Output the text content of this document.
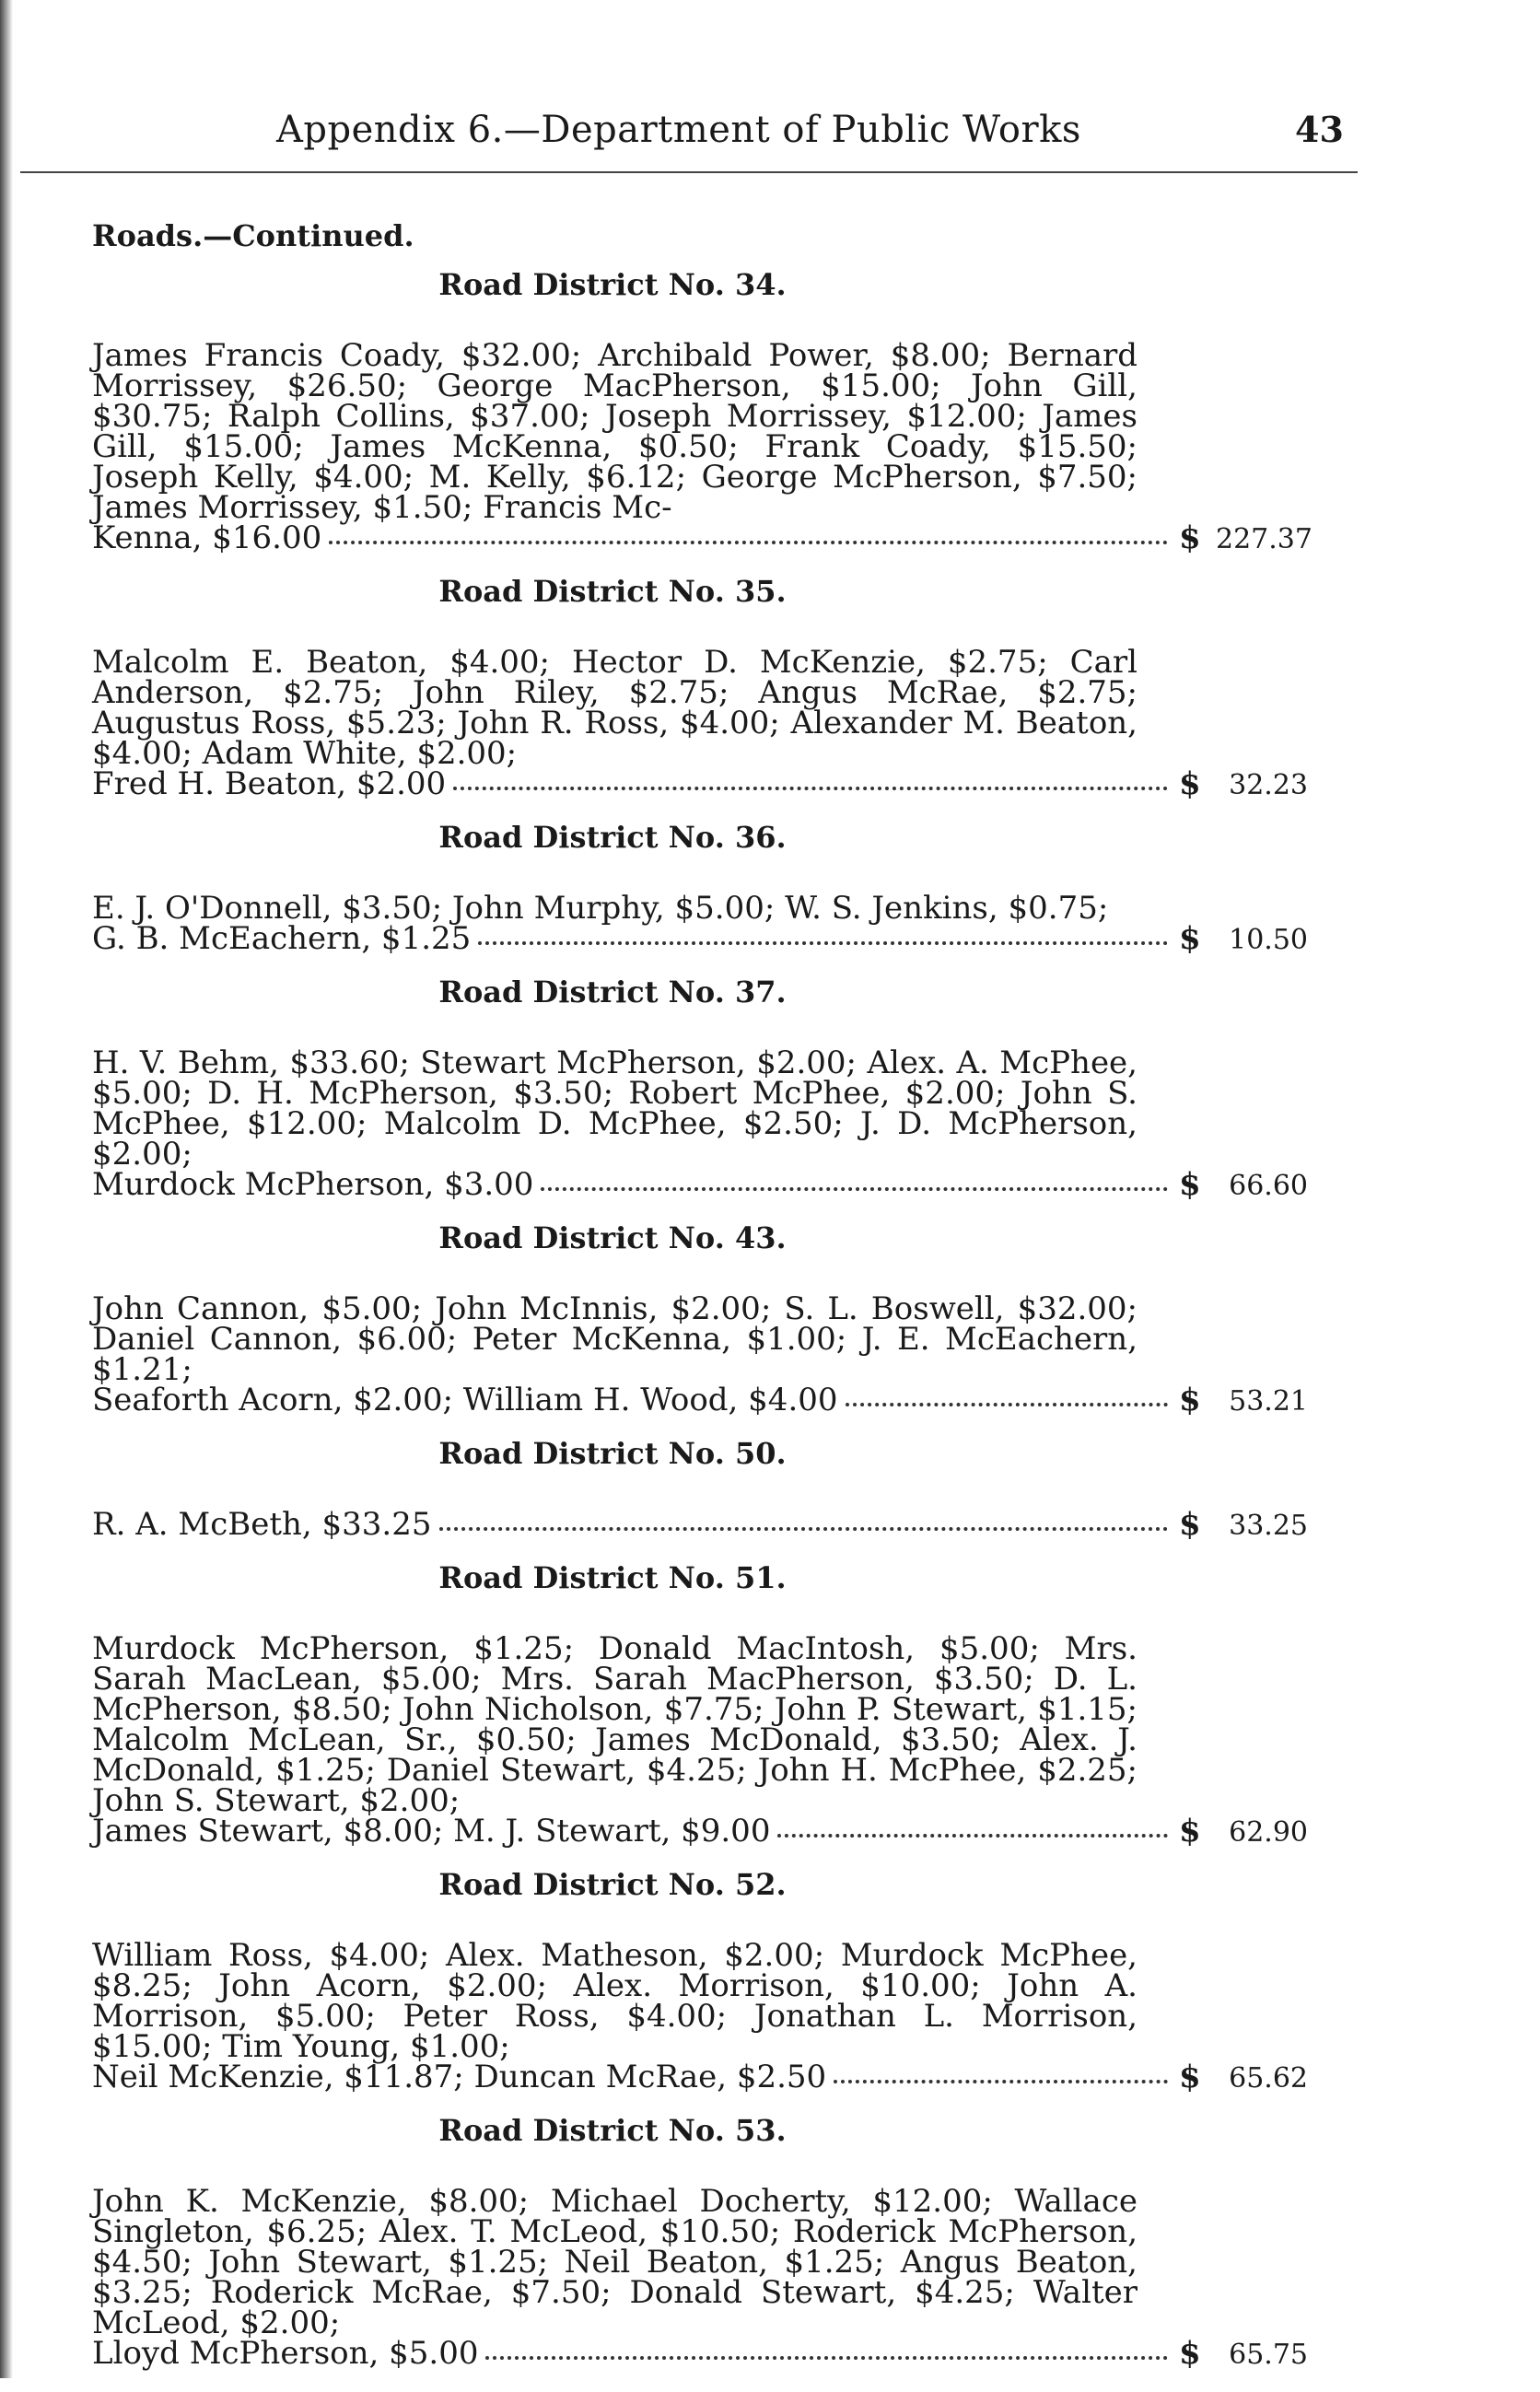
Appendix 6.—Department of Public Works	43
Roads.—Continued.
Road District No. 34.
James Francis Coady, $32.00; Archibald Power, $8.00; Bernard Morrissey, $26.50; George MacPherson, $15.00; John Gill, $30.75; Ralph Collins, $37.00; Joseph Morrissey, $12.00; James Gill, $15.00; James McKenna, $0.50; Frank Coady, $15.50; Joseph Kelly, $4.00; M. Kelly, $6.12; George McPherson, $7.50; James Morrissey, $1.50; Francis Mc-
Kenna, $16.00	$ 227.37
Road District No. 35.
Malcolm E. Beaton, $4.00; Hector D. McKenzie, $2.75; Carl Anderson, $2.75; John Riley, $2.75; Angus McRae, $2.75; Augustus Ross, $5.23; John R. Ross, $4.00; Alexander M. Beaton, $4.00; Adam White, $2.00;
Fred H. Beaton, $2.00	$	32.23
Road District No. 36.
E. J. O'Donnell, $3.50; John Murphy, $5.00; W. S. Jenkins, $0.75;
G. B. McEachern, $1.25	$	10.50
Road District No. 37.
H. V. Behm, $33.60; Stewart McPherson, $2.00; Alex. A. McPhee, $5.00; D. H. McPherson, $3.50; Robert McPhee, $2.00; John S. McPhee, $12.00; Malcolm D. McPhee, $2.50; J. D. McPherson, $2.00;
Murdock McPherson, $3.00	$	66.60
Road District No. 43.
John Cannon, $5.00; John McInnis, $2.00; S. L. Boswell, $32.00; Daniel Cannon, $6.00; Peter McKenna, $1.00; J. E. McEachern, $1.21;
Seaforth Acorn, $2.00; William H. Wood, $4.00	$	53.21
Road District No. 50.
R. A. McBeth, $33.25	$	33.25
Road District No. 51.
Murdock McPherson, $1.25; Donald MacIntosh, $5.00; Mrs. Sarah MacLean, $5.00; Mrs. Sarah MacPherson, $3.50; D. L. McPherson, $8.50; John Nicholson, $7.75; John P. Stewart, $1.15; Malcolm McLean, Sr., $0.50; James McDonald, $3.50; Alex. J. McDonald, $1.25; Daniel Stewart, $4.25; John H. McPhee, $2.25; John S. Stewart, $2.00;
James Stewart, $8.00; M. J. Stewart, $9.00	$	62.90
Road District No. 52.
William Ross, $4.00; Alex. Matheson, $2.00; Murdock McPhee, $8.25; John Acorn, $2.00; Alex. Morrison, $10.00; John A. Morrison, $5.00; Peter Ross, $4.00; Jonathan L. Morrison, $15.00; Tim Young, $1.00;
Neil McKenzie, $11.87; Duncan McRae, $2.50	$	65.62
Road District No. 53.
John K. McKenzie, $8.00; Michael Docherty, $12.00; Wallace Singleton, $6.25; Alex. T. McLeod, $10.50; Roderick McPherson, $4.50; John Stewart, $1.25; Neil Beaton, $1.25; Angus Beaton, $3.25; Roderick McRae, $7.50; Donald Stewart, $4.25; Walter McLeod, $2.00;
Lloyd McPherson, $5.00	$	65.75
